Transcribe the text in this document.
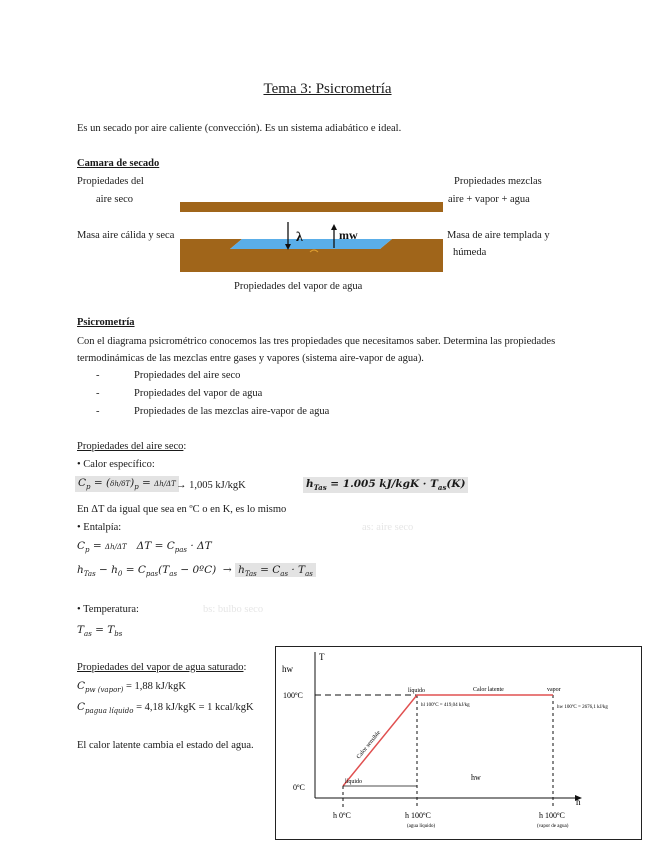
Tema 3: Psicrometría
Es un secado por aire caliente (convección). Es un sistema adiabático e ideal.
Camara de secado
Propiedades del
aire seco
Propiedades mezclas
aire + vapor + agua
Masa aire cálida y seca	Masa de aire templada y
húmeda
Propiedades del vapor de agua
λ	mw
Psicrometría
Con el diagrama psicrométrico conocemos las tres propiedades que necesitamos saber. Determina las propiedades termodinámicas de las mezclas entre gases y vapores (sistema aire-vapor de agua).
-	Propiedades del aire seco
-	Propiedades del vapor de agua
-	Propiedades de las mezclas aire-vapor de agua
Propiedades del aire seco:
• Calor específico:
$C_p = (\delta h/\delta T)_p = \Delta h/\Delta T \to 1,005$ kJ/kgK	$h_{Tas} = 1.005$ $kJ/kgK \cdot T_{as}(K)$
En ΔT da igual que sea en ºC o en K, es lo mismo
• Entalpía:	as: aire seco
$C_p = \Delta h/\Delta T$   $\Delta T = C_{pas} \cdot \Delta T$
$h_{Tas} - h_0 = C_{pas}(T_{as}$ − 0ºC)  → $h_{Tas} = C_{as} \cdot T_{as}$
• Temperatura:	bs: bulbo seco
$T_{as} = T_{bs}$
Propiedades del vapor de agua saturado:
$C_{pw (vapor)} = 1,88$ kJ/kgK
$C_{pagua líquido} = 4,18$ kJ/kgK = 1 kcal/kgK
El calor latente cambia el estado del agua.
hw
T
h
100ºC
0ºC
líquido	Calor latente	vapor
líquido
Calor sensible
hl 100ºC = 419,04 kJ/kg	hw 100ºC = 2676,1 kJ/kg
hw
h 0ºC	h 100ºC
(agua líquido)
h 100ºC
(vapor de agua)
